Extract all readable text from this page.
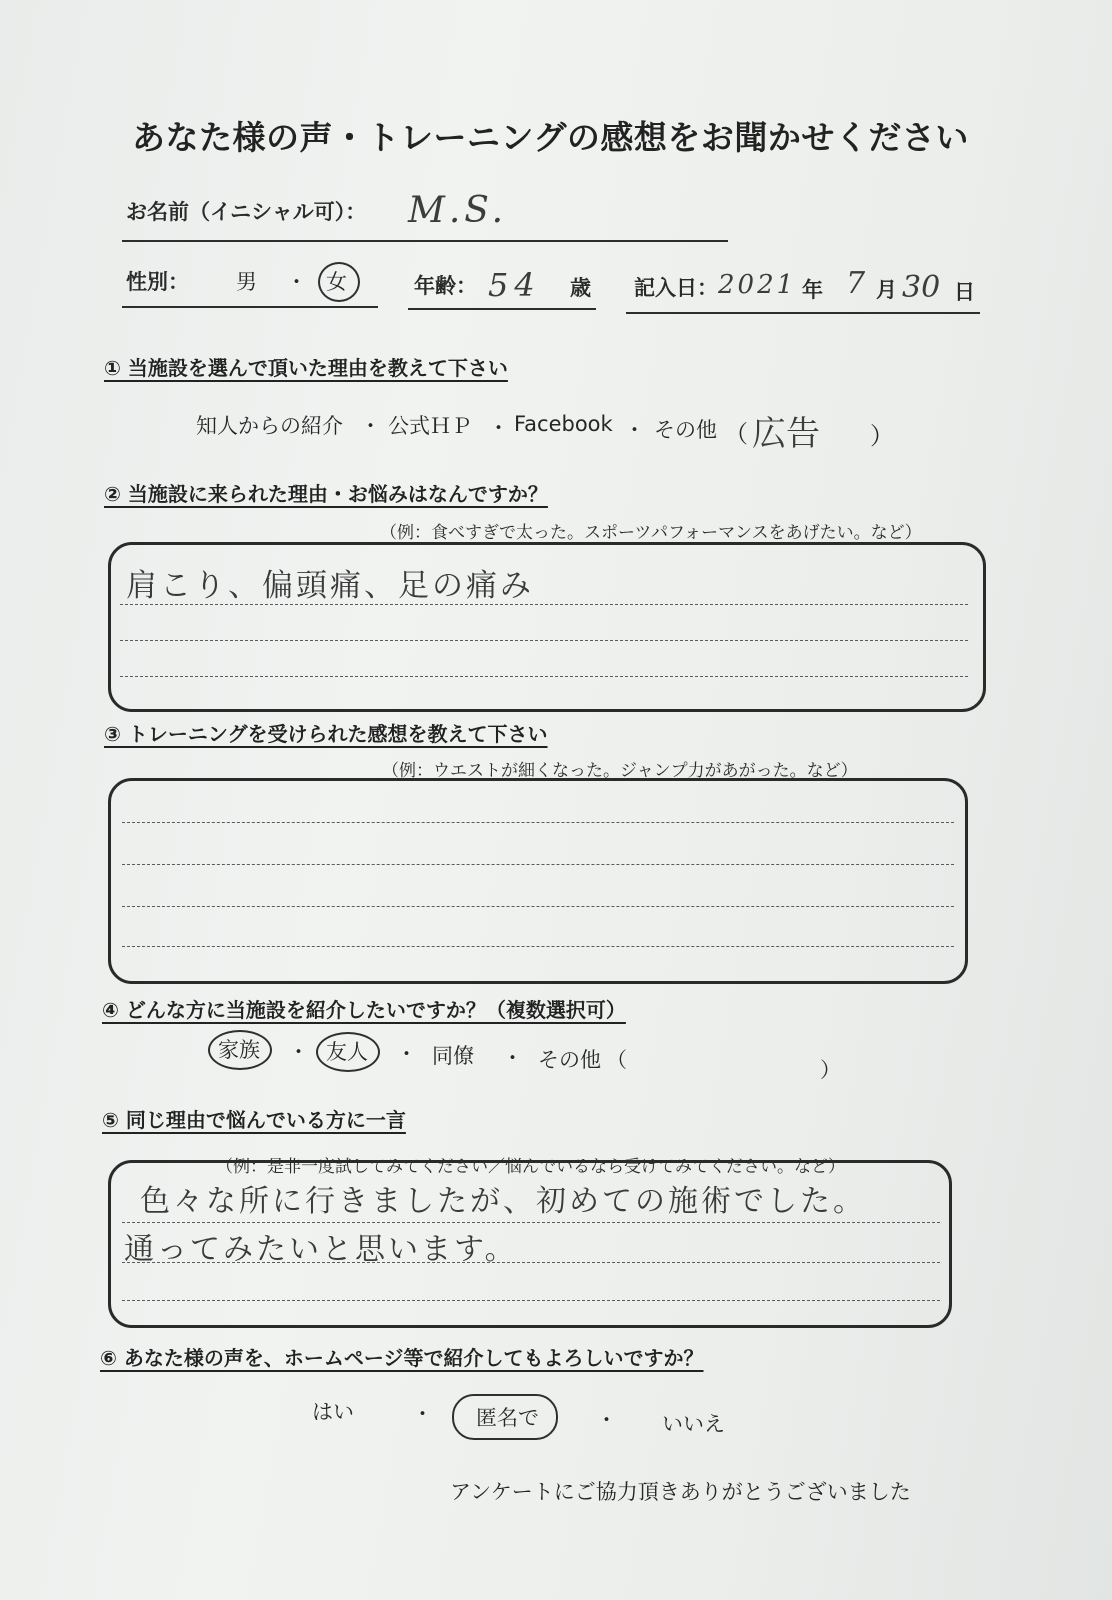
あなた様の声・トレーニングの感想をお聞かせください
お名前（イニシャル可）： M.S.
性別： 男 ・ 女	年齢： 54 歳 記入日： 2021 年 7 月 30 日
① 当施設を選んで頂いた理由を教えて下さい
知人からの紹介 ・ 公式ＨＰ ・ Facebook ・ その他 （ 広告 ）
② 当施設に来られた理由・お悩みはなんですか？
（例：食べすぎで太った。スポーツパフォーマンスをあげたい。など）
肩こり、偏頭痛、足の痛み
③ トレーニングを受けられた感想を教えて下さい
（例：ウエストが細くなった。ジャンプ力があがった。など）
④ どんな方に当施設を紹介したいですか？（複数選択可）
家族 ・ 友人 ・ 同僚 ・ その他 （	）
⑤ 同じ理由で悩んでいる方に一言
（例：是非一度試してみてください／悩んでいるなら受けてみてください。など）
色々な所に行きましたが、初めての施術でした。
通ってみたいと思います。
⑥ あなた様の声を、ホームページ等で紹介してもよろしいですか？
はい	・ 匿名で	・ いいえ
アンケートにご協力頂きありがとうございました
